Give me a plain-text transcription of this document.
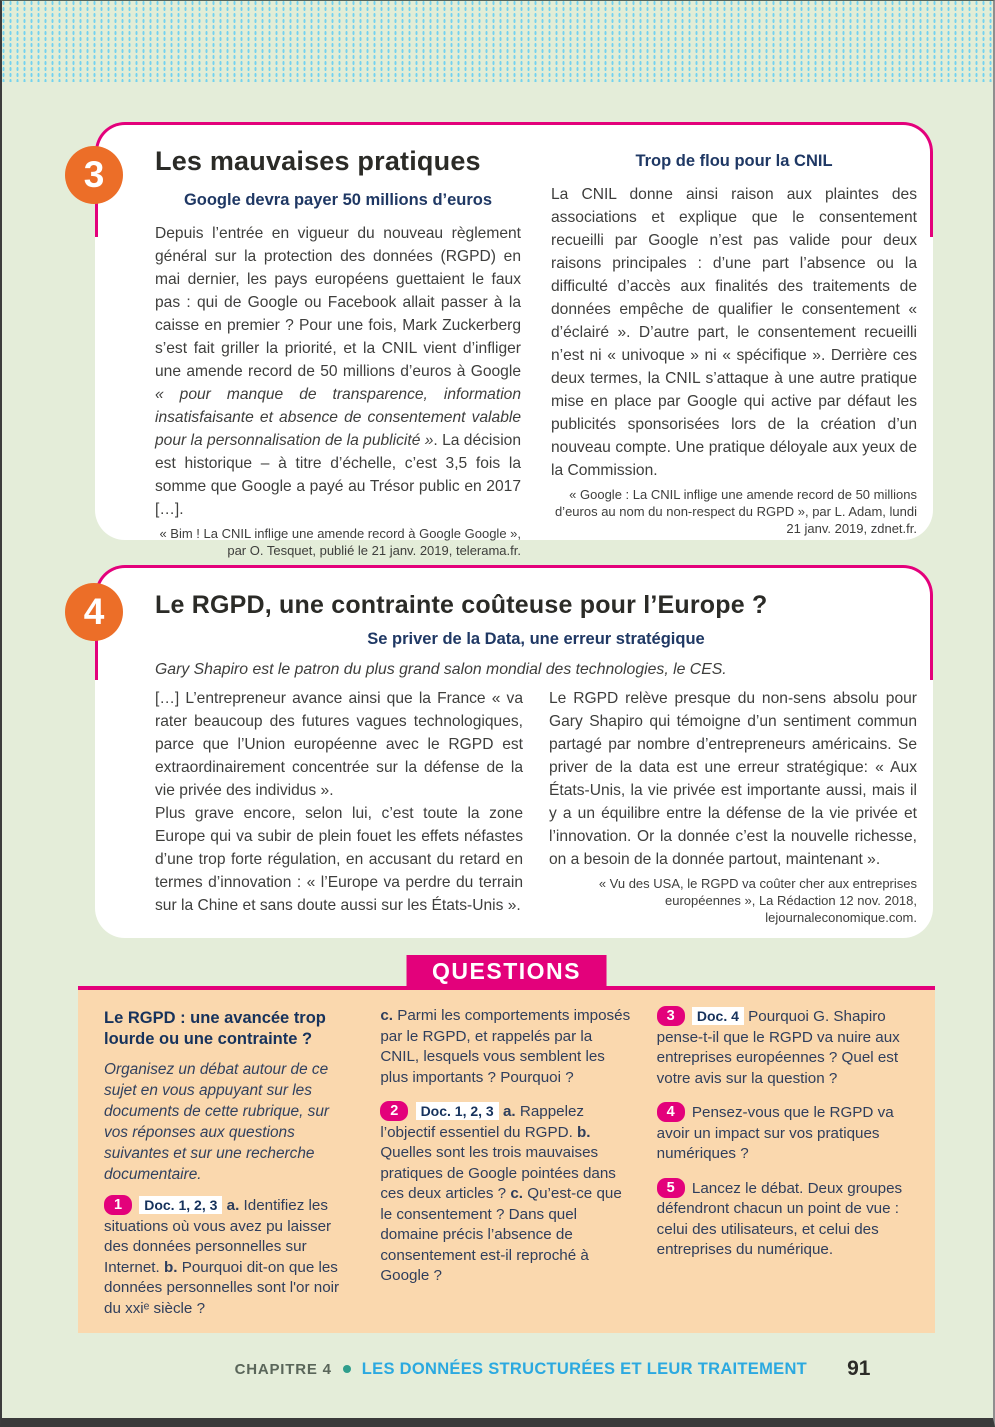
3 Les mauvaises pratiques
Google devra payer 50 millions d’euros

Depuis l’entrée en vigueur du nouveau règlement général sur la protection des données (RGPD) en mai dernier, les pays européens guettaient le faux pas : qui de Google ou Facebook allait passer à la caisse en premier ? Pour une fois, Mark Zuckerberg s’est fait griller la priorité, et la CNIL vient d’infliger une amende record de 50 millions d’euros à Google « pour manque de transparence, information insatisfaisante et absence de consentement valable pour la personnalisation de la publicité ». La décision est historique – à titre d’échelle, c’est 3,5 fois la somme que Google a payé au Trésor public en 2017 […].

« Bim ! La CNIL inflige une amende record à Google Google », par O. Tesquet, publié le 21 janv. 2019, telerama.fr.

Trop de flou pour la CNIL

La CNIL donne ainsi raison aux plaintes des associations et explique que le consentement recueilli par Google n’est pas valide pour deux raisons principales : d’une part l’absence ou la difficulté d’accès aux finalités des traitements de données empêche de qualifier le consentement « d’éclairé ». D’autre part, le consentement recueilli n’est ni « univoque » ni « spécifique ». Derrière ces deux termes, la CNIL s’attaque à une autre pratique mise en place par Google qui active par défaut les publicités sponsorisées lors de la création d’un nouveau compte. Une pratique déloyale aux yeux de la Commission.

« Google : La CNIL inflige une amende record de 50 millions d’euros au nom du non-respect du RGPD », par L. Adam, lundi 21 janv. 2019, zdnet.fr.

4 Le RGPD, une contrainte coûteuse pour l’Europe ?
Se priver de la Data, une erreur stratégique

Gary Shapiro est le patron du plus grand salon mondial des technologies, le CES.

[…] L’entrepreneur avance ainsi que la France « va rater beaucoup des futures vagues technologiques, parce que l’Union européenne avec le RGPD est extraordinairement concentrée sur la défense de la vie privée des individus ».

Plus grave encore, selon lui, c’est toute la zone Europe qui va subir de plein fouet les effets néfastes d’une trop forte régulation, en accusant du retard en termes d’innovation : « l’Europe va perdre du terrain sur la Chine et sans doute aussi sur les États-Unis ».

Le RGPD relève presque du non-sens absolu pour Gary Shapiro qui témoigne d’un sentiment commun partagé par nombre d’entrepreneurs américains. Se priver de la data est une erreur stratégique: « Aux États-Unis, la vie privée est importante aussi, mais il y a un équilibre entre la défense de la vie privée et l’innovation. Or la donnée c’est la nouvelle richesse, on a besoin de la donnée partout, maintenant ».

« Vu des USA, le RGPD va coûter cher aux entreprises européennes », La Rédaction 12 nov. 2018, lejournaleconomique.com.

QUESTIONS
Le RGPD : une avancée trop lourde ou une contrainte ?

Organisez un débat autour de ce sujet en vous appuyant sur les documents de cette rubrique, sur vos réponses aux questions suivantes et sur une recherche documentaire.

1 Doc. 1, 2, 3 a. Identifiez les situations où vous avez pu laisser des données personnelles sur Internet. b. Pourquoi dit-on que les données personnelles sont l'or noir du xxiᵉ siècle ?

c. Parmi les comportements imposés par le RGPD, et rappelés par la CNIL, lesquels vous semblent les plus importants ? Pourquoi ?

2 Doc. 1, 2, 3 a. Rappelez l’objectif essentiel du RGPD. b. Quelles sont les trois mauvaises pratiques de Google pointées dans ces deux articles ? c. Qu’est-ce que le consentement ? Dans quel domaine précis l’absence de consentement est-il reproché à Google ?

3 Doc. 4 Pourquoi G. Shapiro pense-t-il que le RGPD va nuire aux entreprises européennes ? Quel est votre avis sur la question ?

4 Pensez-vous que le RGPD va avoir un impact sur vos pratiques numériques ?

5 Lancez le débat. Deux groupes défendront chacun un point de vue : celui des utilisateurs, et celui des entreprises du numérique.

CHAPITRE 4 LES DONNÉES STRUCTURÉES ET LEUR TRAITEMENT 91
